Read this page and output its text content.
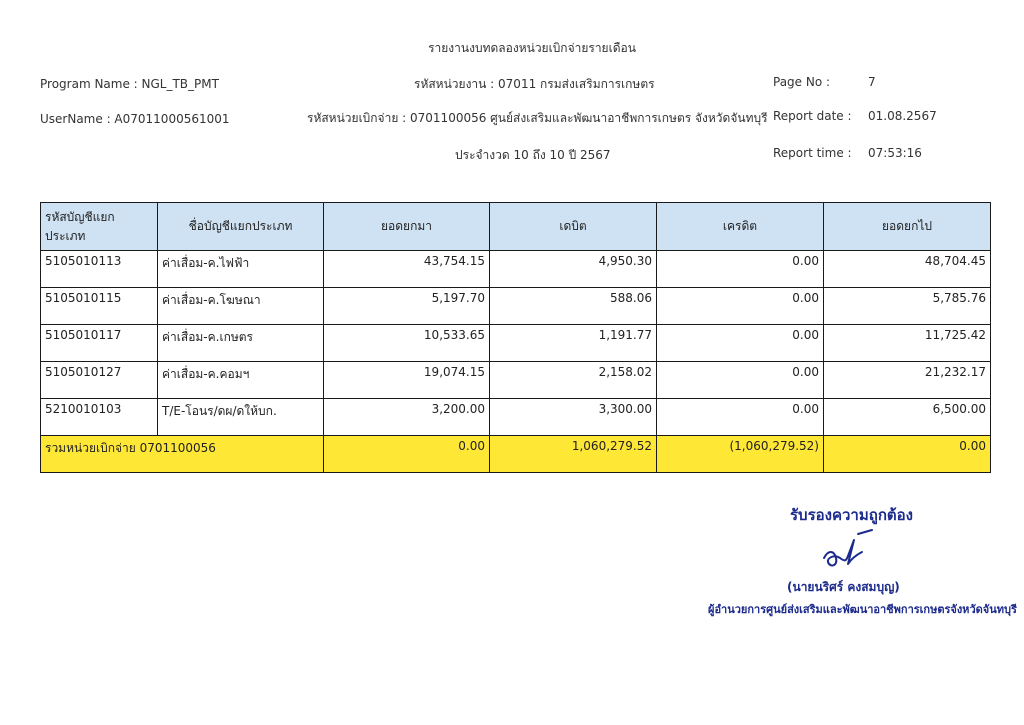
รายงานงบทดลองหน่วยเบิกจ่ายรายเดือน
Program Name : NGL_TB_PMT	รหัสหน่วยงาน : 07011 กรมส่งเสริมการเกษตร	Page No :	7
UserName : A07011000561001	รหัสหน่วยเบิกจ่าย : 0701100056 ศูนย์ส่งเสริมและพัฒนาอาชีพการเกษตร จังหวัดจันทบุรี Report date : 01.08.2567
ประจำงวด 10 ถึง 10 ปี 2567	Report time : 07:53:16
รหัสบัญชีแยกประเภท	ชื่อบัญชีแยกประเภท	ยอดยกมา	เดบิต	เครดิต	ยอดยกไป
5105010113	ค่าเสื่อม-ค.ไฟฟ้า	43,754.15	4,950.30	0.00	48,704.45
5105010115	ค่าเสื่อม-ค.โฆษณา	5,197.70	588.06	0.00	5,785.76
5105010117	ค่าเสื่อม-ค.เกษตร	10,533.65	1,191.77	0.00	11,725.42
5105010127	ค่าเสื่อม-ค.คอมฯ	19,074.15	2,158.02	0.00	21,232.17
5210010103	T/E-โอนร/ดผ/ดให้บก.	3,200.00	3,300.00	0.00	6,500.00
รวมหน่วยเบิกจ่าย 0701100056		0.00	1,060,279.52	(1,060,279.52)	0.00
รับรองความถูกต้อง
(นายนริศร์ คงสมบุญ)
ผู้อำนวยการศูนย์ส่งเสริมและพัฒนาอาชีพการเกษตรจังหวัดจันทบุรี
